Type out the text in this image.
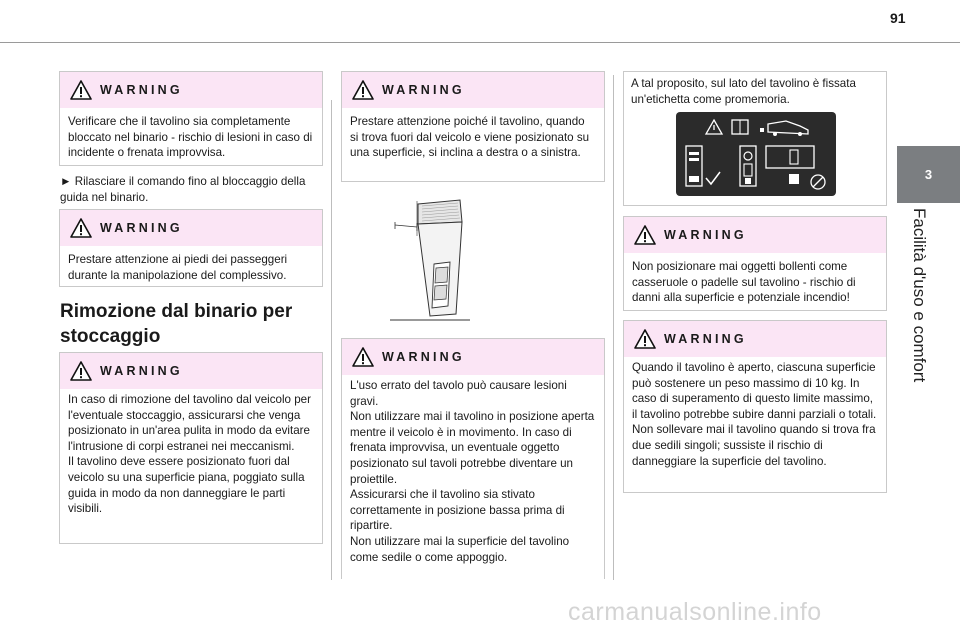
91
3
Facilità d'uso e comfort
WARNING
Verificare che il tavolino sia completamente bloccato nel binario - rischio di lesioni in caso di incidente o frenata improvvisa.
► Rilasciare il comando fino al bloccaggio della guida nel binario.
WARNING
Prestare attenzione ai piedi dei passeggeri durante la manipolazione del complessivo.
Rimozione dal binario per stoccaggio
WARNING
In caso di rimozione del tavolino dal veicolo per l'eventuale stoccaggio, assicurarsi che venga posizionato in un'area pulita in modo da evitare l'intrusione di corpi estranei nei meccanismi.
Il tavolino deve essere posizionato fuori dal veicolo su una superficie piana, poggiato sulla guida in modo da non danneggiare le parti visibili.
WARNING
Prestare attenzione poiché il tavolino, quando si trova fuori dal veicolo e viene posizionato su una superficie, si inclina a destra o a sinistra.
WARNING
L'uso errato del tavolo può causare lesioni gravi.
Non utilizzare mai il tavolino in posizione aperta mentre il veicolo è in movimento. In caso di frenata improvvisa, un eventuale oggetto posizionato sul tavoli potrebbe diventare un proiettile.
Assicurarsi che il tavolino sia stivato correttamente in posizione bassa prima di ripartire.
Non utilizzare mai la superficie del tavolino come sedile o come appoggio.
A tal proposito, sul lato del tavolino è fissata un'etichetta come promemoria.
WARNING
Non posizionare mai oggetti bollenti come casseruole o padelle sul tavolino - rischio di danni alla superficie e potenziale incendio!
WARNING
Quando il tavolino è aperto, ciascuna superficie può sostenere un peso massimo di 10 kg. In caso di superamento di questo limite massimo, il tavolino potrebbe subire danni parziali o totali.
Non sollevare mai il tavolino quando si trova fra due sedili singoli; sussiste il rischio di danneggiare la superficie del tavolino.
carmanualsonline.info
